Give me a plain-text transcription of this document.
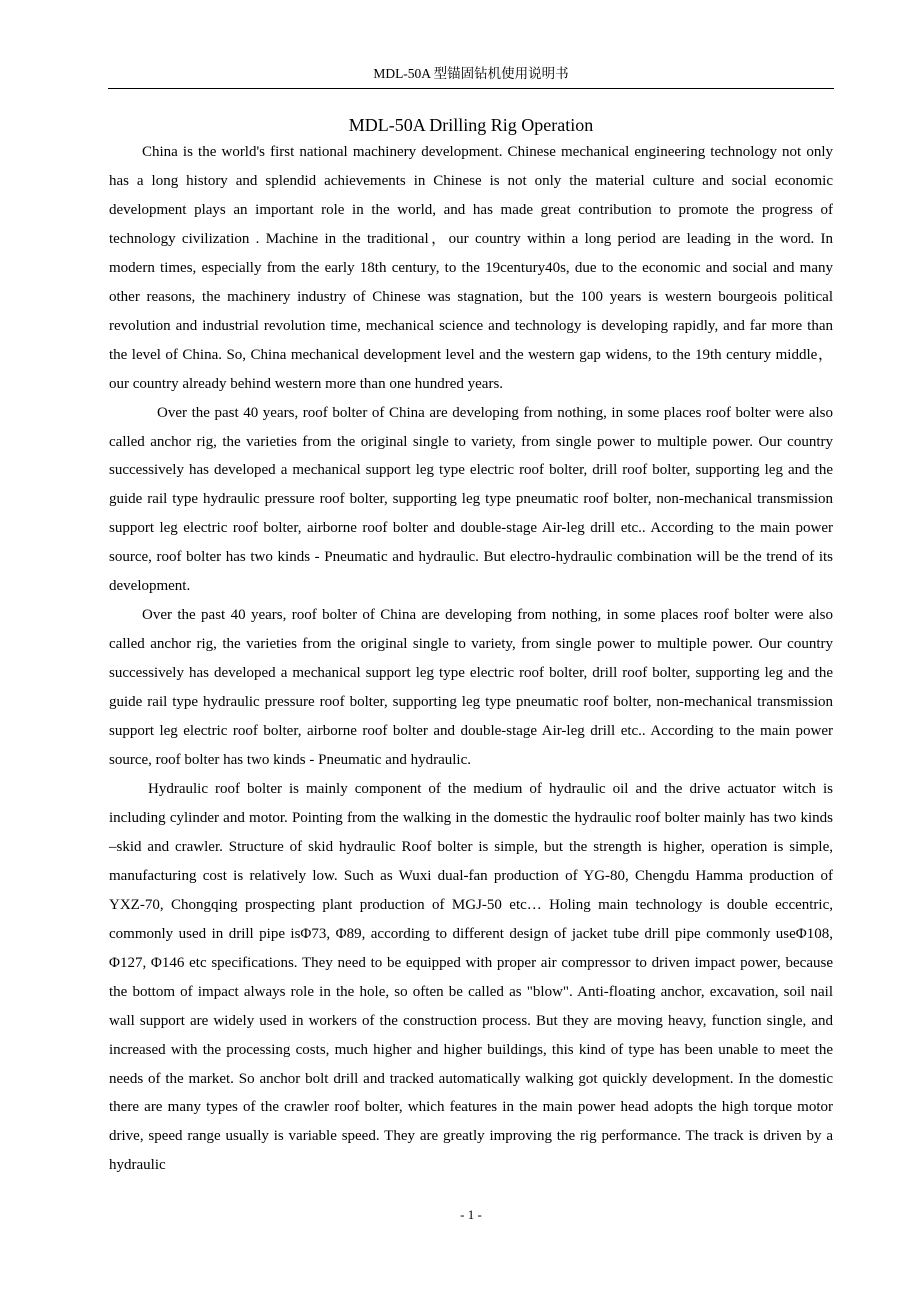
MDL-50A 型锚固钻机使用说明书
MDL-50A Drilling Rig Operation

China is the world's first national machinery development. Chinese mechanical engineering technology not only has a long history and splendid achievements in Chinese is not only the material culture and social economic development plays an important role in the world, and has made great contribution to promote the progress of technology civilization . Machine in the traditional，our country within a long period are leading in the word. In modern times, especially from the early 18th century, to the 19century40s, due to the economic and social and many other reasons, the machinery industry of Chinese was stagnation, but the 100 years is western bourgeois political revolution and industrial revolution time, mechanical science and technology is developing rapidly, and far more than the level of China. So, China mechanical development level and the western gap widens, to the 19th century middle， our country already behind western more than one hundred years.

Over the past 40 years, roof bolter of China are developing from nothing, in some places roof bolter were also called anchor rig, the varieties from the original single to variety, from single power to multiple power. Our country successively has developed a mechanical support leg type electric roof bolter, drill roof bolter, supporting leg and the guide rail type hydraulic pressure roof bolter, supporting leg type pneumatic roof bolter, non-mechanical transmission support leg electric roof bolter, airborne roof bolter and double-stage Air-leg drill etc.. According to the main power source, roof bolter has two kinds - Pneumatic and hydraulic. But electro-hydraulic combination will be the trend of its development.

Over the past 40 years, roof bolter of China are developing from nothing, in some places roof bolter were also called anchor rig, the varieties from the original single to variety, from single power to multiple power. Our country successively has developed a mechanical support leg type electric roof bolter, drill roof bolter, supporting leg and the guide rail type hydraulic pressure roof bolter, supporting leg type pneumatic roof bolter, non-mechanical transmission support leg electric roof bolter, airborne roof bolter and double-stage Air-leg drill etc.. According to the main power source, roof bolter has two kinds - Pneumatic and hydraulic.

Hydraulic roof bolter is mainly component of the medium of hydraulic oil and the drive actuator witch is including cylinder and motor. Pointing from the walking in the domestic the hydraulic roof bolter mainly has two kinds –skid and crawler. Structure of skid hydraulic Roof bolter is simple, but the strength is higher, operation is simple, manufacturing cost is relatively low. Such as Wuxi dual-fan production of YG-80, Chengdu Hamma production of YXZ-70, Chongqing prospecting plant production of MGJ-50 etc… Holing main technology is double eccentric, commonly used in drill pipe isΦ73, Φ89, according to different design of jacket tube drill pipe commonly useΦ108, Φ127, Φ146 etc specifications. They need to be equipped with proper air compressor to driven impact power, because the bottom of impact always role in the hole, so often be called as "blow". Anti-floating anchor, excavation, soil nail wall support are widely used in workers of the construction process. But they are moving heavy, function single, and increased with the processing costs, much higher and higher buildings, this kind of type has been unable to meet the needs of the market. So anchor bolt drill and tracked automatically walking got quickly development. In the domestic there are many types of the crawler roof bolter, which features in the main power head adopts the high torque motor drive, speed range usually is variable speed. They are greatly improving the rig performance. The track is driven by a hydraulic

- 1 -
